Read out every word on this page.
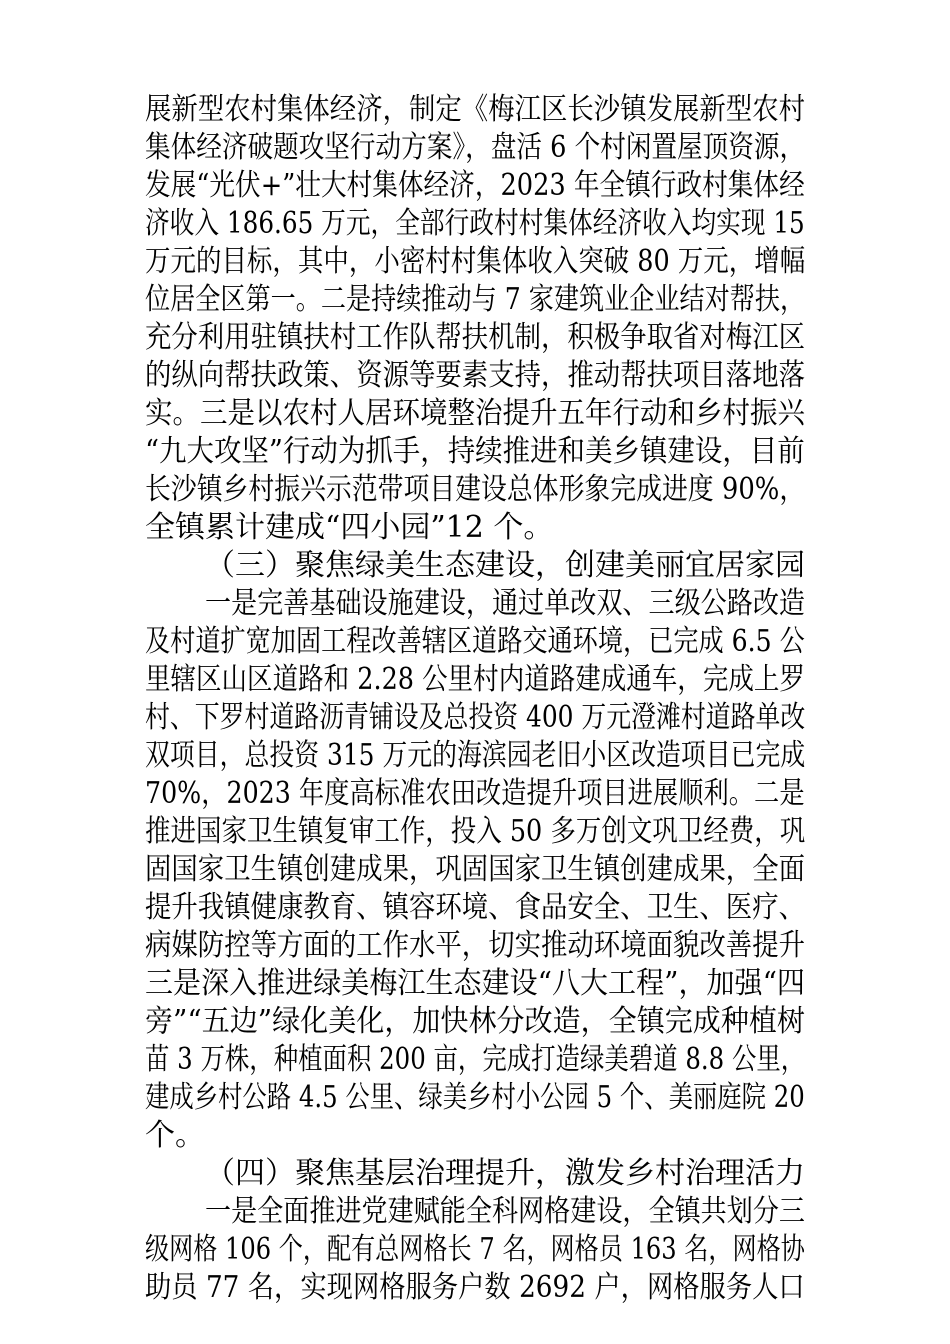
展新型农村集体经济，制定《梅江区长沙镇发展新型农村
集体经济破题攻坚行动方案》，盘活 6 个村闲置屋顶资源，
发展“光伏+”壮大村集体经济，2023 年全镇行政村集体经
济收入 186.65 万元，全部行政村村集体经济收入均实现 15
万元的目标，其中，小密村村集体收入突破 80 万元，增幅
位居全区第一。二是持续推动与 7 家建筑业企业结对帮扶，
充分利用驻镇扶村工作队帮扶机制，积极争取省对梅江区
的纵向帮扶政策、资源等要素支持，推动帮扶项目落地落
实。三是以农村人居环境整治提升五年行动和乡村振兴
“九大攻坚”行动为抓手，持续推进和美乡镇建设，目前
长沙镇乡村振兴示范带项目建设总体形象完成进度 90%，
全镇累计建成“四小园”12 个。
（三）聚焦绿美生态建设，创建美丽宜居家园
一是完善基础设施建设，通过单改双、三级公路改造
及村道扩宽加固工程改善辖区道路交通环境，已完成 6.5 公
里辖区山区道路和 2.28 公里村内道路建成通车，完成上罗
村、下罗村道路沥青铺设及总投资 400 万元澄滩村道路单改
双项目，总投资 315 万元的海滨园老旧小区改造项目已完成
70%，2023 年度高标准农田改造提升项目进展顺利。二是
推进国家卫生镇复审工作，投入 50 多万创文巩卫经费，巩
固国家卫生镇创建成果，巩固国家卫生镇创建成果，全面
提升我镇健康教育、镇容环境、食品安全、卫生、医疗、
病媒防控等方面的工作水平，切实推动环境面貌改善提升
三是深入推进绿美梅江生态建设“八大工程”，加强“四
旁”“五边”绿化美化，加快林分改造，全镇完成种植树
苗 3 万株，种植面积 200 亩，完成打造绿美碧道 8.8 公里，
建成乡村公路 4.5 公里、绿美乡村小公园 5 个、美丽庭院 20
个。
（四）聚焦基层治理提升，激发乡村治理活力
一是全面推进党建赋能全科网格建设，全镇共划分三
级网格 106 个，配有总网格长 7 名，网格员 163 名，网格协
助员 77 名，实现网格服务户数 2692 户，网格服务人口
